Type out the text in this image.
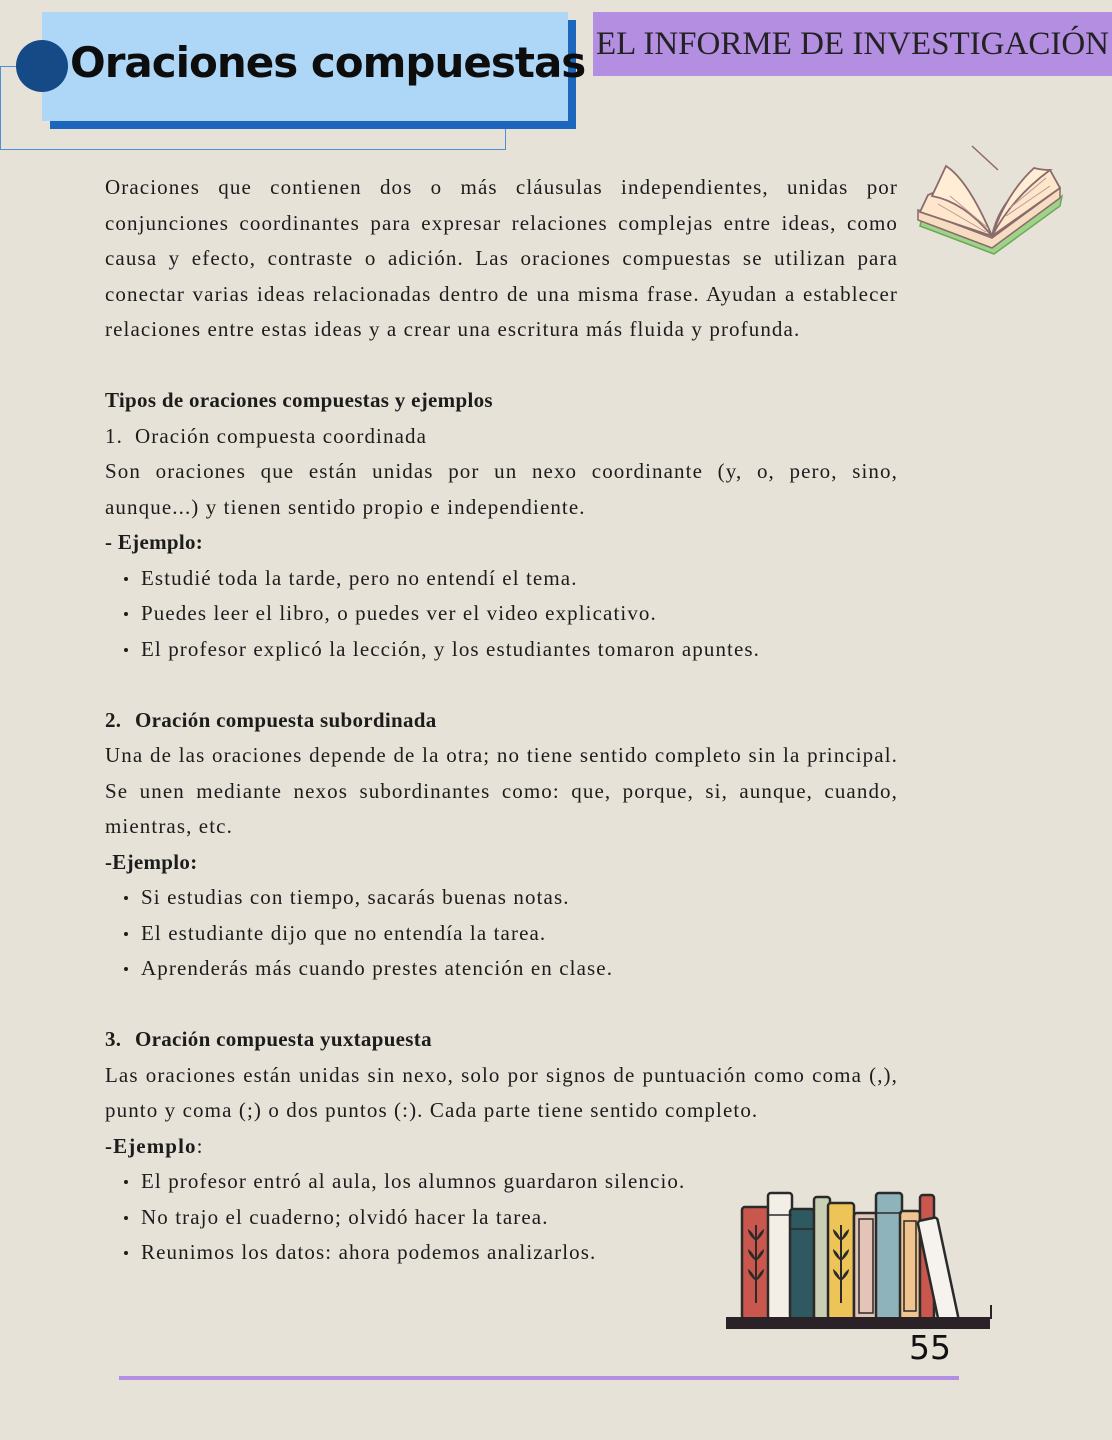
Oraciones compuestas EL INFORME DE INVESTIGACIÓN

Oraciones que contienen dos o más cláusulas independientes, unidas por conjunciones coordinantes para expresar relaciones complejas entre ideas, como causa y efecto, contraste o adición. Las oraciones compuestas se utilizan para conectar varias ideas relacionadas dentro de una misma frase. Ayudan a establecer relaciones entre estas ideas y a crear una escritura más fluida y profunda.

Tipos de oraciones compuestas y ejemplos

1. Oración compuesta coordinada

Son oraciones que están unidas por un nexo coordinante (y, o, pero, sino, aunque...) y tienen sentido propio e independiente.

- Ejemplo:

Estudié toda la tarde, pero no entendí el tema.
Puedes leer el libro, o puedes ver el video explicativo.
El profesor explicó la lección, y los estudiantes tomaron apuntes.

2. Oración compuesta subordinada

Una de las oraciones depende de la otra; no tiene sentido completo sin la principal. Se unen mediante nexos subordinantes como: que, porque, si, aunque, cuando, mientras, etc.

-Ejemplo:

Si estudias con tiempo, sacarás buenas notas.
El estudiante dijo que no entendía la tarea.
Aprenderás más cuando prestes atención en clase.

3. Oración compuesta yuxtapuesta

Las oraciones están unidas sin nexo, solo por signos de puntuación como coma (,), punto y coma (;) o dos puntos (:). Cada parte tiene sentido completo.

-Ejemplo:

El profesor entró al aula, los alumnos guardaron silencio.
No trajo el cuaderno; olvidó hacer la tarea.
Reunimos los datos: ahora podemos analizarlos.
55
